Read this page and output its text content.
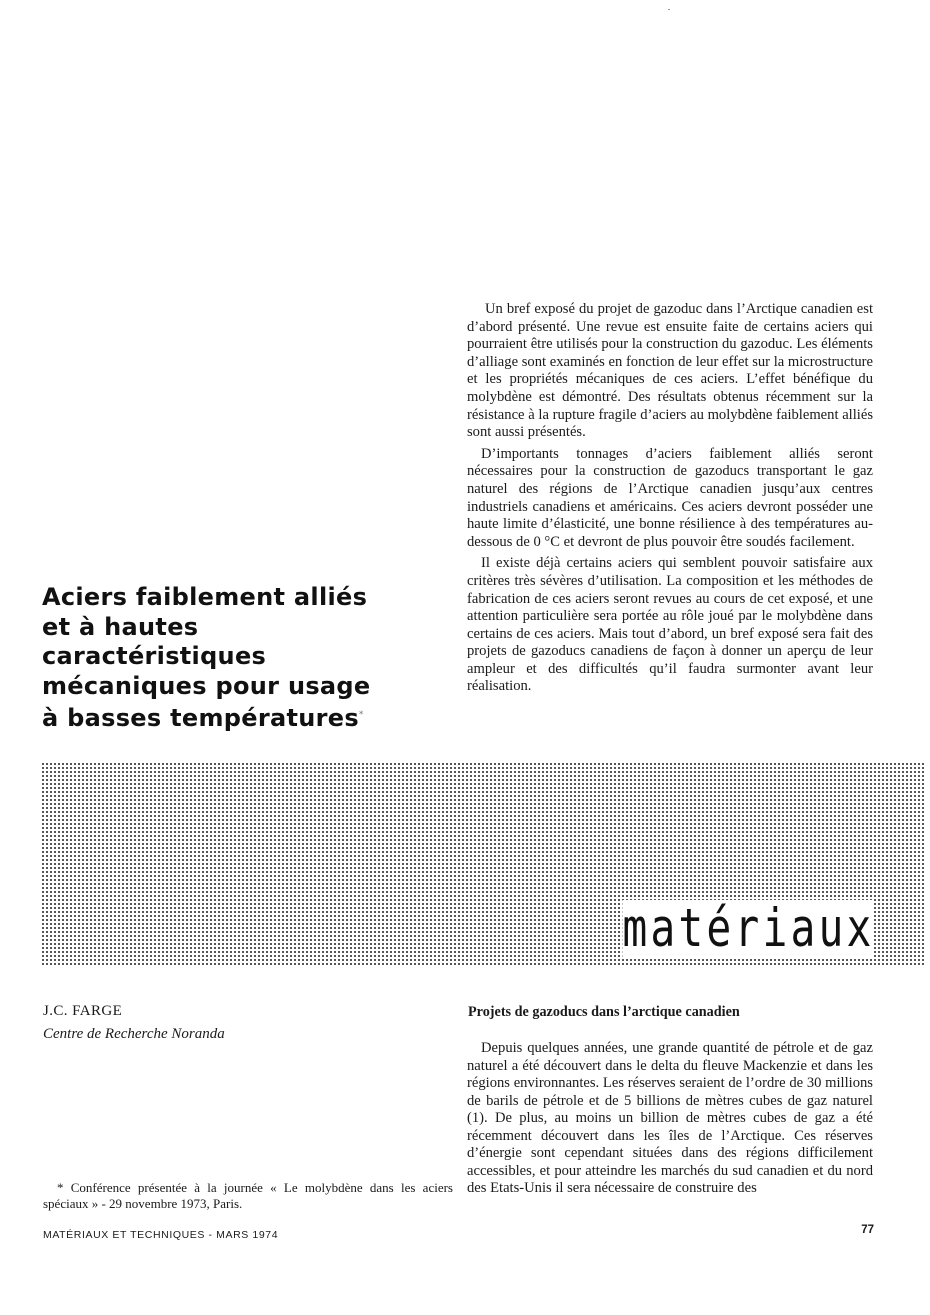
Un bref exposé du projet de gazoduc dans l’Arctique canadien est d’abord présenté. Une revue est ensuite faite de certains aciers qui pourraient être utilisés pour la construction du gazoduc. Les éléments d’alliage sont examinés en fonction de leur effet sur la microstructure et les propriétés mécaniques de ces aciers. L’effet bénéfique du molybdène est démontré. Des résultats obtenus récemment sur la résistance à la rupture fragile d’aciers au molybdène faiblement alliés sont aussi présentés.

D’importants tonnages d’aciers faiblement alliés seront nécessaires pour la construction de gazoducs transportant le gaz naturel des régions de l’Arctique canadien jusqu’aux centres industriels canadiens et américains. Ces aciers devront posséder une haute limite d’élasticité, une bonne résilience à des températures au-dessous de 0 °C et devront de plus pouvoir être soudés facilement.

Il existe déjà certains aciers qui semblent pouvoir satisfaire aux critères très sévères d’utilisation. La composition et les méthodes de fabrication de ces aciers seront revues au cours de cet exposé, et une attention particulière sera portée au rôle joué par le molybdène dans certains de ces aciers. Mais tout d’abord, un bref exposé sera fait des projets de gazoducs canadiens de façon à donner un aperçu de leur ampleur et des difficultés qu’il faudra surmonter avant leur réalisation.

Aciers faiblement alliés
et à hautes
caractéristiques
mécaniques pour usage
à basses températures*
matériaux
J.C. FARGE
Centre de Recherche Noranda
* Conférence présentée à la journée « Le molybdène dans les aciers spéciaux » - 29 novembre 1973, Paris.
Projets de gazoducs dans l’arctique canadien
Depuis quelques années, une grande quantité de pétrole et de gaz naturel a été découvert dans le delta du fleuve Mackenzie et dans les régions environnantes. Les réserves seraient de l’ordre de 30 millions de barils de pétrole et de 5 billions de mètres cubes de gaz naturel (1). De plus, au moins un billion de mètres cubes de gaz a été récemment découvert dans les îles de l’Arctique. Ces réserves d’énergie sont cependant situées dans des régions difficilement accessibles, et pour atteindre les marchés du sud canadien et du nord des Etats-Unis il sera nécessaire de construire des
MATÉRIAUX ET TECHNIQUES - MARS 1974	77
